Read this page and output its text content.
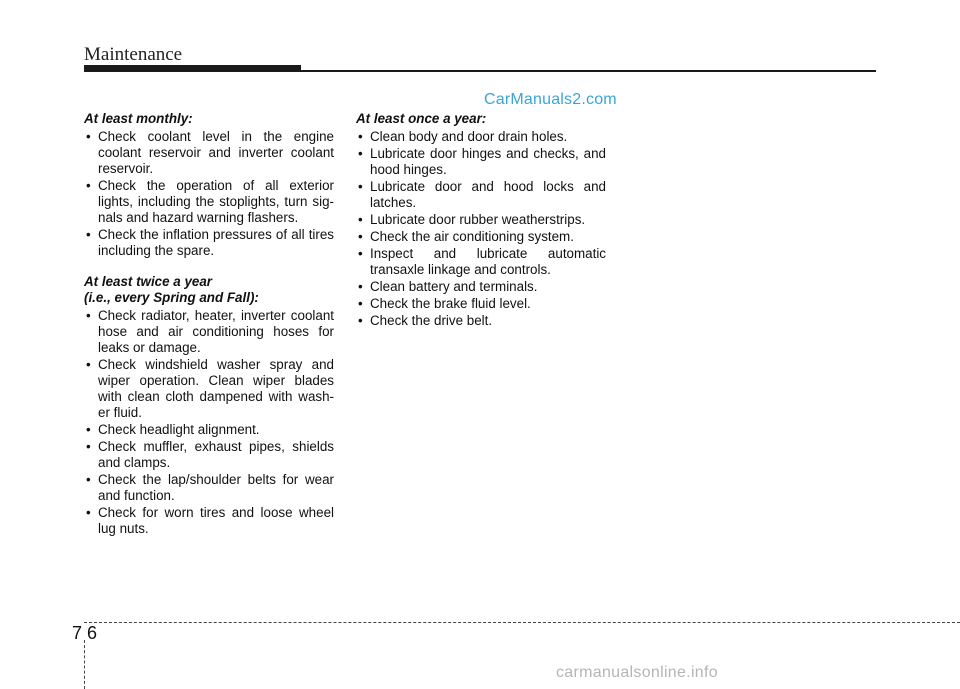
Maintenance
CarManuals2.com
At least monthly:
• Check coolant level in the engine coolant reservoir and inverter coolant reservoir.
• Check the operation of all exterior lights, including the stoplights, turn sig-nals and hazard warning flashers.
• Check the inflation pressures of all tires including the spare.
At least twice a year
(i.e., every Spring and Fall):
• Check radiator, heater, inverter coolant hose and air conditioning hoses for leaks or damage.
• Check windshield washer spray and wiper operation. Clean wiper blades with clean cloth dampened with wash-er fluid.
• Check headlight alignment.
• Check muffler, exhaust pipes, shields and clamps.
• Check the lap/shoulder belts for wear and function.
• Check for worn tires and loose wheel lug nuts.
At least once a year:
• Clean body and door drain holes.
• Lubricate door hinges and checks, and hood hinges.
• Lubricate door and hood locks and latches.
• Lubricate door rubber weatherstrips.
• Check the air conditioning system.
• Inspect and lubricate automatic transaxle linkage and controls.
• Clean battery and terminals.
• Check the brake fluid level.
• Check the drive belt.
7 6
carmanualsonline.info
